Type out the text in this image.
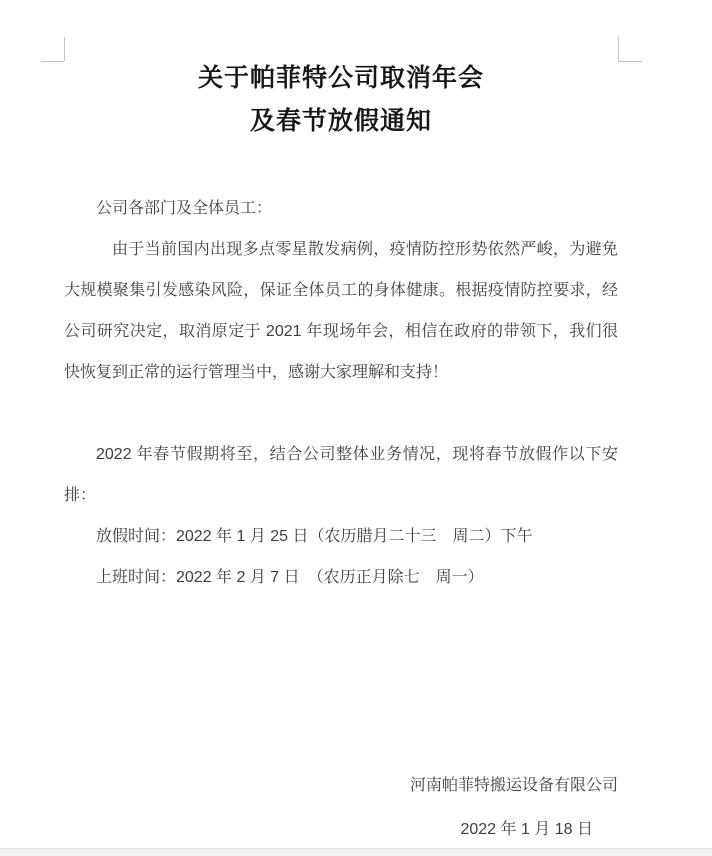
关于帕菲特公司取消年会
及春节放假通知

公司各部门及全体员工：

由于当前国内出现多点零星散发病例，疫情防控形势依然严峻，为避免大规模聚集引发感染风险，保证全体员工的身体健康。根据疫情防控要求，经公司研究决定，取消原定于 2021 年现场年会，相信在政府的带领下，我们很快恢复到正常的运行管理当中，感谢大家理解和支持！

2022 年春节假期将至，结合公司整体业务情况，现将春节放假作以下安排：

放假时间：2022 年 1 月 25 日（农历腊月二十三　周二）下午

上班时间：2022 年 2 月 7 日　（农历正月除七　周一）

河南帕菲特搬运设备有限公司
2022 年 1 月 18 日
